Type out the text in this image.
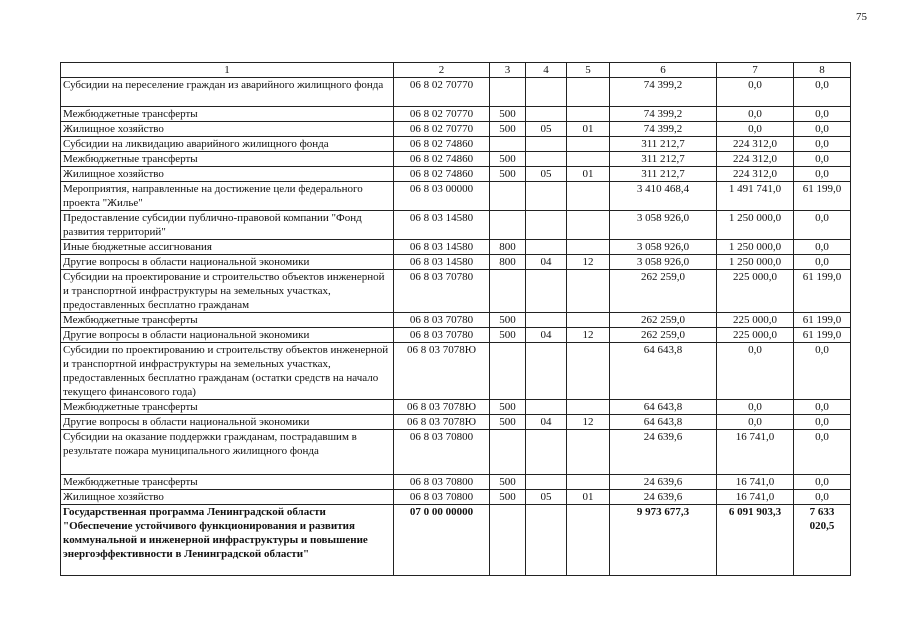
75
1	2	3	4	5	6	7	8
Субсидии на переселение граждан из аварийного жилищного фонда	06 8 02 70770				74 399,2	0,0	0,0
Межбюджетные трансферты	06 8 02 70770	500			74 399,2	0,0	0,0
Жилищное хозяйство	06 8 02 70770	500	05	01	74 399,2	0,0	0,0
Субсидии на ликвидацию аварийного жилищного фонда	06 8 02 74860				311 212,7	224 312,0	0,0
Межбюджетные трансферты	06 8 02 74860	500			311 212,7	224 312,0	0,0
Жилищное хозяйство	06 8 02 74860	500	05	01	311 212,7	224 312,0	0,0
Мероприятия, направленные на достижение цели федерального проекта "Жилье"	06 8 03 00000				3 410 468,4	1 491 741,0	61 199,0
Предоставление субсидии публично-правовой компании "Фонд развития территорий"	06 8 03 14580				3 058 926,0	1 250 000,0	0,0
Иные бюджетные ассигнования	06 8 03 14580	800			3 058 926,0	1 250 000,0	0,0
Другие вопросы в области национальной экономики	06 8 03 14580	800	04	12	3 058 926,0	1 250 000,0	0,0
Субсидии на проектирование и строительство объектов инженерной и транспортной инфраструктуры на земельных участках, предоставленных бесплатно гражданам	06 8 03 70780				262 259,0	225 000,0	61 199,0
Межбюджетные трансферты	06 8 03 70780	500			262 259,0	225 000,0	61 199,0
Другие вопросы в области национальной экономики	06 8 03 70780	500	04	12	262 259,0	225 000,0	61 199,0
Субсидии по проектированию и строительству объектов инженерной и транспортной инфраструктуры на земельных участках, предоставленных бесплатно гражданам (остатки средств на начало текущего финансового года)	06 8 03 7078Ю				64 643,8	0,0	0,0
Межбюджетные трансферты	06 8 03 7078Ю	500			64 643,8	0,0	0,0
Другие вопросы в области национальной экономики	06 8 03 7078Ю	500	04	12	64 643,8	0,0	0,0
Субсидии на оказание поддержки гражданам, пострадавшим в результате пожара муниципального жилищного фонда	06 8 03 70800				24 639,6	16 741,0	0,0
Межбюджетные трансферты	06 8 03 70800	500			24 639,6	16 741,0	0,0
Жилищное хозяйство	06 8 03 70800	500	05	01	24 639,6	16 741,0	0,0
Государственная программа Ленинградской области "Обеспечение устойчивого функционирования и развития коммунальной и инженерной инфраструктуры и повышение энергоэффективности в Ленинградской области"	07 0 00 00000				9 973 677,3	6 091 903,3	7 633 020,5
